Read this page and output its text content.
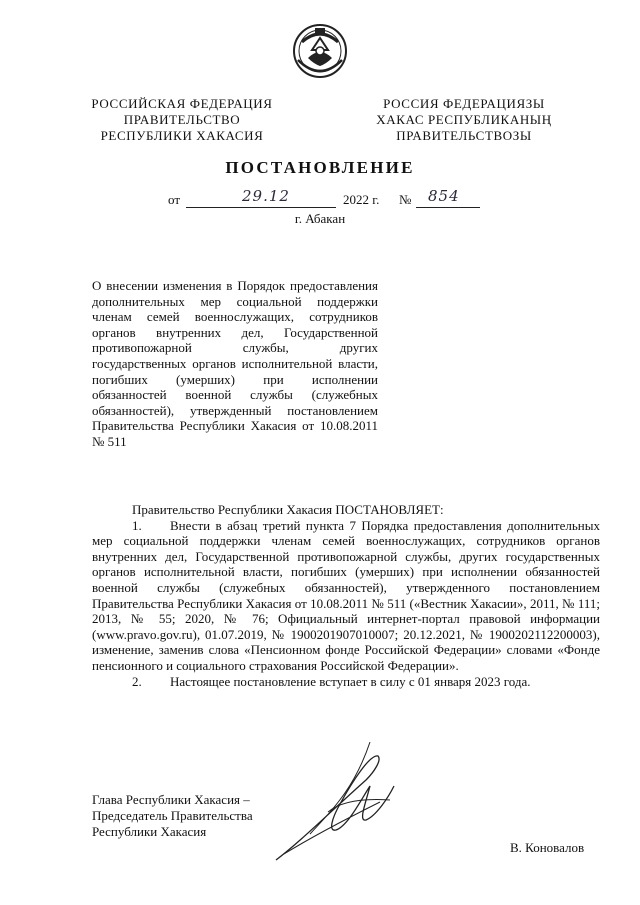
РОССИЙСКАЯ ФЕДЕРАЦИЯ
ПРАВИТЕЛЬСТВО
РЕСПУБЛИКИ ХАКАСИЯ
РОССИЯ ФЕДЕРАЦИЯЗЫ
ХАКАС РЕСПУБЛИКАНЫҢ
ПРАВИТЕЛЬСТВОЗЫ
ПОСТАНОВЛЕНИЕ
от	29.12	2022 г. № 854
г. Абакан
О внесении изменения в Порядок предоставления дополнительных мер социальной поддержки членам семей военнослужащих, сотрудников органов внутренних дел, Государственной противопожарной службы, других государственных органов исполнительной власти, погибших (умерших) при исполнении обязанностей военной службы (служебных обязанностей), утвержденный постановлением Правительства Республики Хакасия от 10.08.2011 № 511

Правительство Республики Хакасия ПОСТАНОВЛЯЕТ:

1. Внести в абзац третий пункта 7 Порядка предоставления дополнительных мер социальной поддержки членам семей военнослужащих, сотрудников органов внутренних дел, Государственной противопожарной службы, других государственных органов исполнительной власти, погибших (умерших) при исполнении обязанностей военной службы (служебных обязанностей), утвержденного постановлением Правительства Республики Хакасия от 10.08.2011 № 511 («Вестник Хакасии», 2011, № 111; 2013, № 55; 2020, № 76; Официальный интернет-портал правовой информации (www.pravo.gov.ru), 01.07.2019, № 1900201907010007; 20.12.2021, № 1900202112200003), изменение, заменив слова «Пенсионном фонде Российской Федерации» словами «Фонде пенсионного и социального страхования Российской Федерации».

2. Настоящее постановление вступает в силу с 01 января 2023 года.

Глава Республики Хакасия –
Председатель Правительства
Республики Хакасия
В. Коновалов
